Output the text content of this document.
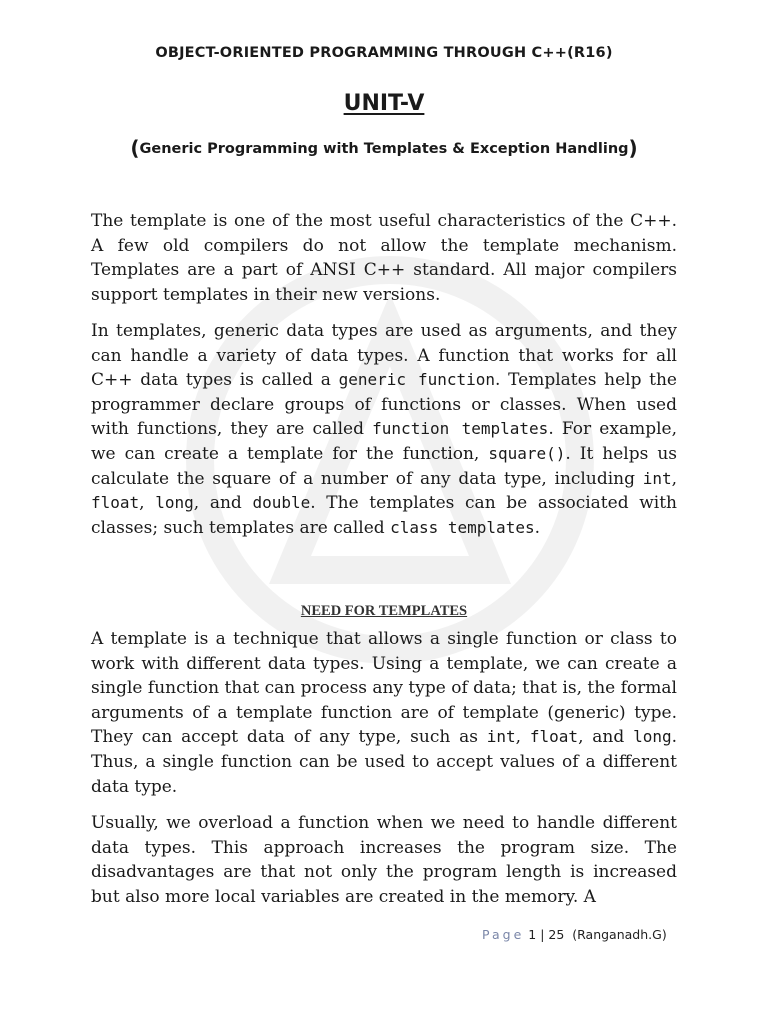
OBJECT-ORIENTED PROGRAMMING THROUGH C++(R16)
UNIT-V
(Generic Programming with Templates & Exception Handling)

The template is one of the most useful characteristics of the C++. A few old compilers do not allow the template mechanism. Templates are a part of ANSI C++ standard. All major compilers support templates in their new versions.

In templates, generic data types are used as arguments, and they can handle a variety of data types. A function that works for all C++ data types is called a generic function. Templates help the programmer declare groups of functions or classes. When used with functions, they are called function templates. For example, we can create a template for the function, square(). It helps us calculate the square of a number of any data type, including int, float, long, and double. The templates can be associated with classes; such templates are called class templates.

NEED FOR TEMPLATES

A template is a technique that allows a single function or class to work with different data types. Using a template, we can create a single function that can process any type of data; that is, the formal arguments of a template function are of template (generic) type. They can accept data of any type, such as int, float, and long. Thus, a single function can be used to accept values of a different data type.

Usually, we overload a function when we need to handle different data types. This approach increases the program size. The disadvantages are that not only the program length is increased but also more local variables are created in the memory. A

Page 1 | 25 (Ranganadh.G)
